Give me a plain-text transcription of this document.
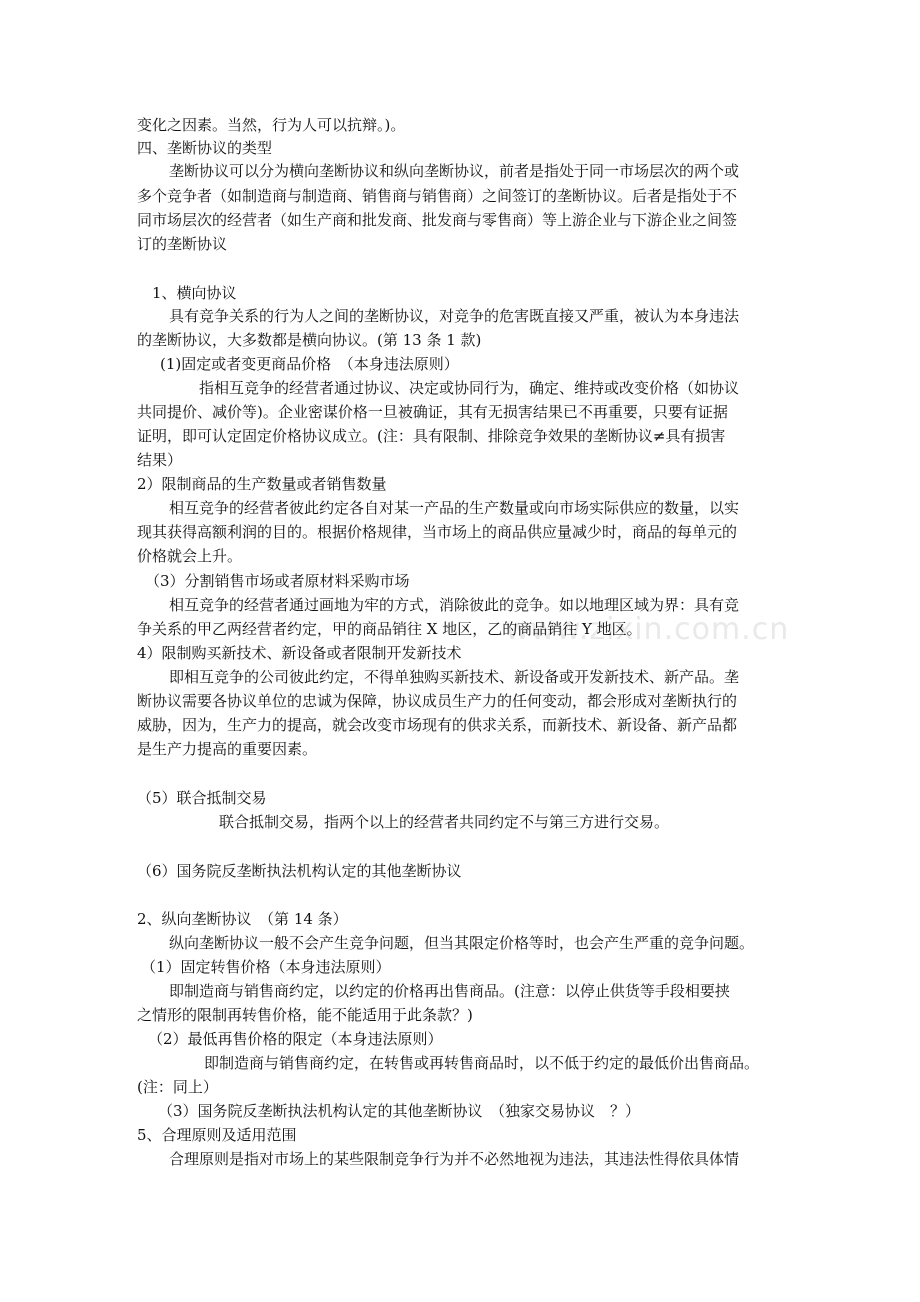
www.zixin.com.cn
变化之因素。当然，行为人可以抗辩。)。
四、垄断协议的类型
垄断协议可以分为横向垄断协议和纵向垄断协议，前者是指处于同一市场层次的两个或
多个竞争者（如制造商与制造商、销售商与销售商）之间签订的垄断协议。后者是指处于不
同市场层次的经营者（如生产商和批发商、批发商与零售商）等上游企业与下游企业之间签
订的垄断协议
1、横向协议
具有竞争关系的行为人之间的垄断协议，对竞争的危害既直接又严重，被认为本身违法
的垄断协议，大多数都是横向协议。(第 13 条 1 款)
(1)固定或者变更商品价格　（本身违法原则）
指相互竞争的经营者通过协议、决定或协同行为，确定、维持或改变价格（如协议
共同提价、减价等)。企业密谋价格一旦被确证，其有无损害结果已不再重要，只要有证据
证明，即可认定固定价格协议成立。(注：具有限制、排除竞争效果的垄断协议≠具有损害
结果）
2）限制商品的生产数量或者销售数量
相互竞争的经营者彼此约定各自对某一产品的生产数量或向市场实际供应的数量，以实
现其获得高额利润的目的。根据价格规律，当市场上的商品供应量减少时，商品的每单元的
价格就会上升。
（3）分割销售市场或者原材料采购市场
相互竞争的经营者通过画地为牢的方式，消除彼此的竞争。如以地理区域为界：具有竞
争关系的甲乙两经营者约定，甲的商品销往 X 地区，乙的商品销往 Y 地区。
4）限制购买新技术、新设备或者限制开发新技术
即相互竞争的公司彼此约定，不得单独购买新技术、新设备或开发新技术、新产品。垄
断协议需要各协议单位的忠诚为保障，协议成员生产力的任何变动，都会形成对垄断执行的
威胁，因为，生产力的提高，就会改变市场现有的供求关系，而新技术、新设备、新产品都
是生产力提高的重要因素。
（5）联合抵制交易
联合抵制交易，指两个以上的经营者共同约定不与第三方进行交易。
（6）国务院反垄断执法机构认定的其他垄断协议
2、纵向垄断协议　（第 14 条）
纵向垄断协议一般不会产生竞争问题，但当其限定价格等时，也会产生严重的竞争问题。
（1）固定转售价格（本身违法原则）
即制造商与销售商约定，以约定的价格再出售商品。(注意：以停止供货等手段相要挟
之情形的限制再转售价格，能不能适用于此条款？)
（2）最低再售价格的限定（本身违法原则）
即制造商与销售商约定，在转售或再转售商品时，以不低于约定的最低价出售商品。
(注：同上）
（3）国务院反垄断执法机构认定的其他垄断协议　（独家交易协议　？）
5、合理原则及适用范围
合理原则是指对市场上的某些限制竞争行为并不必然地视为违法，其违法性得依具体情
